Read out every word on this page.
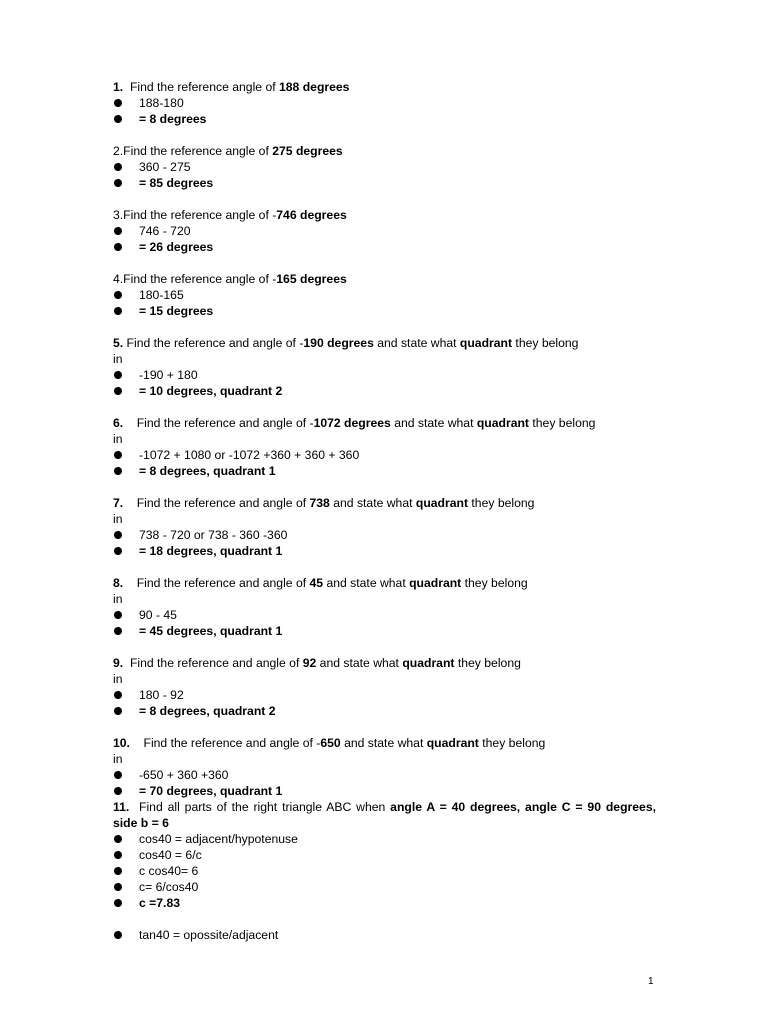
1.  Find the reference angle of 188 degrees

188-180
= 8 degrees

2.Find the reference angle of 275 degrees

360 - 275
= 85 degrees

3.Find the reference angle of -746 degrees

746 - 720
= 26 degrees

4.Find the reference angle of -165 degrees

180-165
= 15 degrees

5. Find the reference and angle of -190 degrees and state what quadrant they belong

in

-190 + 180
= 10 degrees, quadrant 2

6.    Find the reference and angle of -1072 degrees and state what quadrant they belong

in

-1072 + 1080 or -1072 +360 + 360 + 360
= 8 degrees, quadrant 1

7.    Find the reference and angle of 738 and state what quadrant they belong

in

738 - 720 or 738 - 360 -360
= 18 degrees, quadrant 1

8.    Find the reference and angle of 45 and state what quadrant they belong

in

90 - 45
= 45 degrees, quadrant 1

9.  Find the reference and angle of 92 and state what quadrant they belong

in

180 - 92
= 8 degrees, quadrant 2

10.    Find the reference and angle of -650 and state what quadrant they belong

in

-650 + 360 +360
= 70 degrees, quadrant 1

11.  Find all parts of the right triangle ABC when angle A = 40 degrees, angle C = 90 degrees,    side b = 6

cos40 = adjacent/hypotenuse
cos40 = 6/c
c cos40= 6
c= 6/cos40
c =7.83
tan40 = opossite/adjacent
1
